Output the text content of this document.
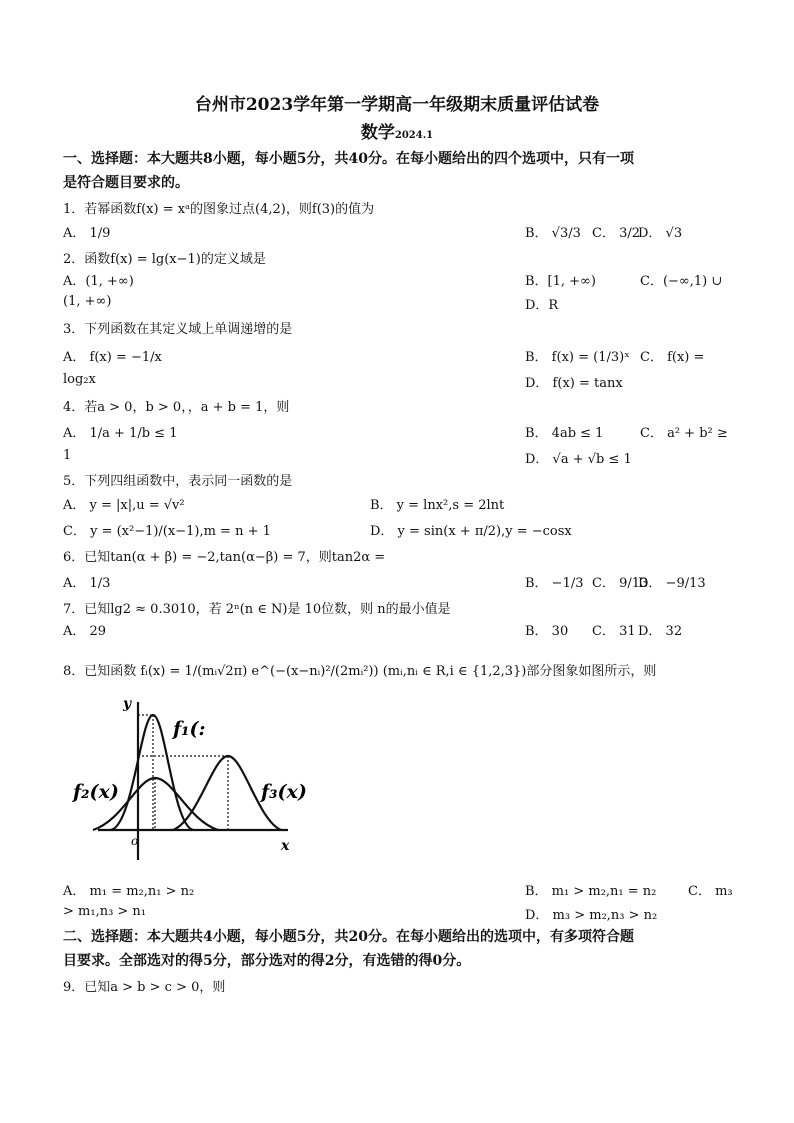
台州市2023学年第一学期高一年级期末质量评估试卷
数学2024.1
一、选择题：本大题共8小题，每小题5分，共40分。在每小题给出的四个选项中，只有一项
是符合题目要求的。
1．若幂函数f(x) = xᵃ的图象过点(4,2)，则f(3)的值为
A． 1/9	B． √3/3 C． 3/2
D． √3
2．函数f(x) = lg(x−1)的定义域是
A．(1, +∞)	B．[1, +∞)	C．(−∞,1) ∪
(1, +∞)	D．R
3．下列函数在其定义域上单调递增的是
A． f(x) = −1/x	B． f(x) = (1/3)ˣ C． f(x) =
log₂x	D． f(x) = tanx
4．若a > 0，b > 0，，a + b = 1，则
A． 1/a + 1/b ≤ 1	B． 4ab ≤ 1	C． a² + b² ≥
1	D． √a + √b ≤ 1
5．下列四组函数中，表示同一函数的是
A． y = |x|,u = √v²	B． y = lnx²,s = 2lnt
C． y = (x²−1)/(x−1),m = n + 1	D． y = sin(x + π/2),y = −cosx
6．已知tan(α + β) = −2,tan(α−β) = 7，则tan2α =
A． 1/3	B． −1/3 C． 9/13
D． −9/13
7．已知lg2 ≈ 0.3010，若 2ⁿ(n ∈ N)是 10位数，则 n的最小值是
A． 29	B． 30 C． 31 D． 32
8．已知函数 fᵢ(x) = 1/(mᵢ√2π) e^(−(x−nᵢ)²/(2mᵢ²)) (mᵢ,nᵢ ∈ R,i ∈ {1,2,3})部分图象如图所示，则
y
x
o
f₁(:
f₂(x)	f₃(x)
A． m₁ = m₂,n₁ > n₂	B． m₁ > m₂,n₁ = n₂ C． m₃
> m₁,n₃ > n₁	D． m₃ > m₂,n₃ > n₂
二、选择题：本大题共4小题，每小题5分，共20分。在每小题给出的选项中，有多项符合题
目要求。全部选对的得5分，部分选对的得2分，有选错的得0分。
9．已知a > b > c > 0，则
